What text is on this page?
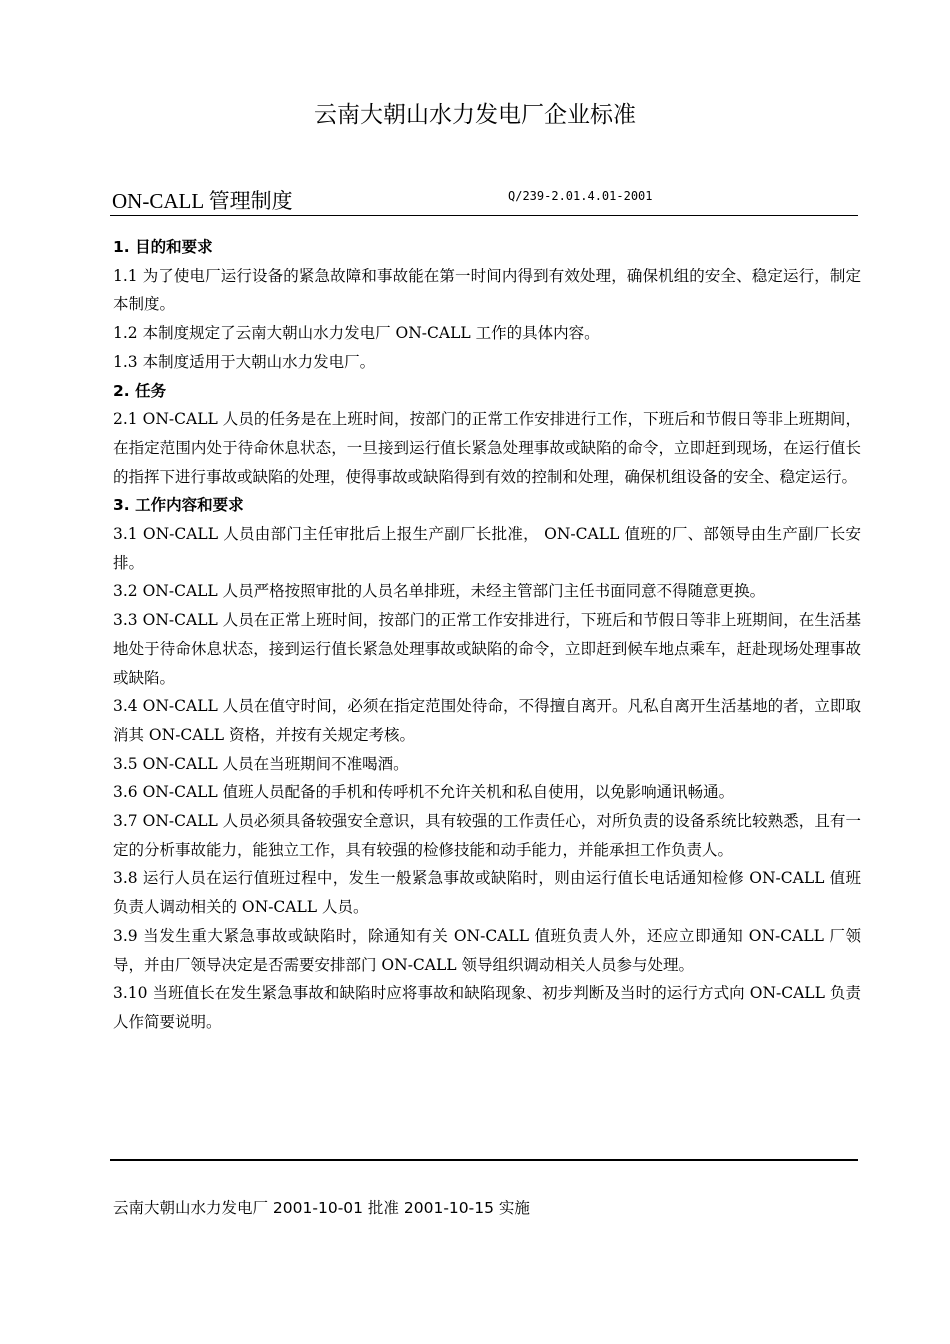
云南大朝山水力发电厂企业标准
ON-CALL 管理制度	Q/239-2.01.4.01-2001

1. 目的和要求

1.1 为了使电厂运行设备的紧急故障和事故能在第一时间内得到有效处理，确保机组的安全、稳定运行，制定本制度。

1.2 本制度规定了云南大朝山水力发电厂 ON-CALL 工作的具体内容。

1.3 本制度适用于大朝山水力发电厂。

2. 任务

2.1 ON-CALL 人员的任务是在上班时间，按部门的正常工作安排进行工作，下班后和节假日等非上班期间，在指定范围内处于待命休息状态，一旦接到运行值长紧急处理事故或缺陷的命令，立即赶到现场，在运行值长的指挥下进行事故或缺陷的处理，使得事故或缺陷得到有效的控制和处理，确保机组设备的安全、稳定运行。

3. 工作内容和要求

3.1 ON-CALL 人员由部门主任审批后上报生产副厂长批准， ON-CALL 值班的厂、部领导由生产副厂长安排。

3.2 ON-CALL 人员严格按照审批的人员名单排班，未经主管部门主任书面同意不得随意更换。

3.3 ON-CALL 人员在正常上班时间，按部门的正常工作安排进行，下班后和节假日等非上班期间，在生活基地处于待命休息状态，接到运行值长紧急处理事故或缺陷的命令，立即赶到候车地点乘车，赶赴现场处理事故或缺陷。

3.4 ON-CALL 人员在值守时间，必须在指定范围处待命，不得擅自离开。凡私自离开生活基地的者，立即取消其 ON-CALL 资格，并按有关规定考核。

3.5 ON-CALL 人员在当班期间不准喝酒。

3.6 ON-CALL 值班人员配备的手机和传呼机不允许关机和私自使用，以免影响通讯畅通。

3.7 ON-CALL 人员必须具备较强安全意识，具有较强的工作责任心，对所负责的设备系统比较熟悉，且有一定的分析事故能力，能独立工作，具有较强的检修技能和动手能力，并能承担工作负责人。

3.8 运行人员在运行值班过程中，发生一般紧急事故或缺陷时，则由运行值长电话通知检修 ON-CALL 值班负责人调动相关的 ON-CALL 人员。

3.9 当发生重大紧急事故或缺陷时，除通知有关 ON-CALL 值班负责人外，还应立即通知 ON-CALL 厂领导，并由厂领导决定是否需要安排部门 ON-CALL 领导组织调动相关人员参与处理。

3.10 当班值长在发生紧急事故和缺陷时应将事故和缺陷现象、初步判断及当时的运行方式向 ON-CALL 负责人作简要说明。

云南大朝山水力发电厂 2001-10-01 批准 2001-10-15 实施
